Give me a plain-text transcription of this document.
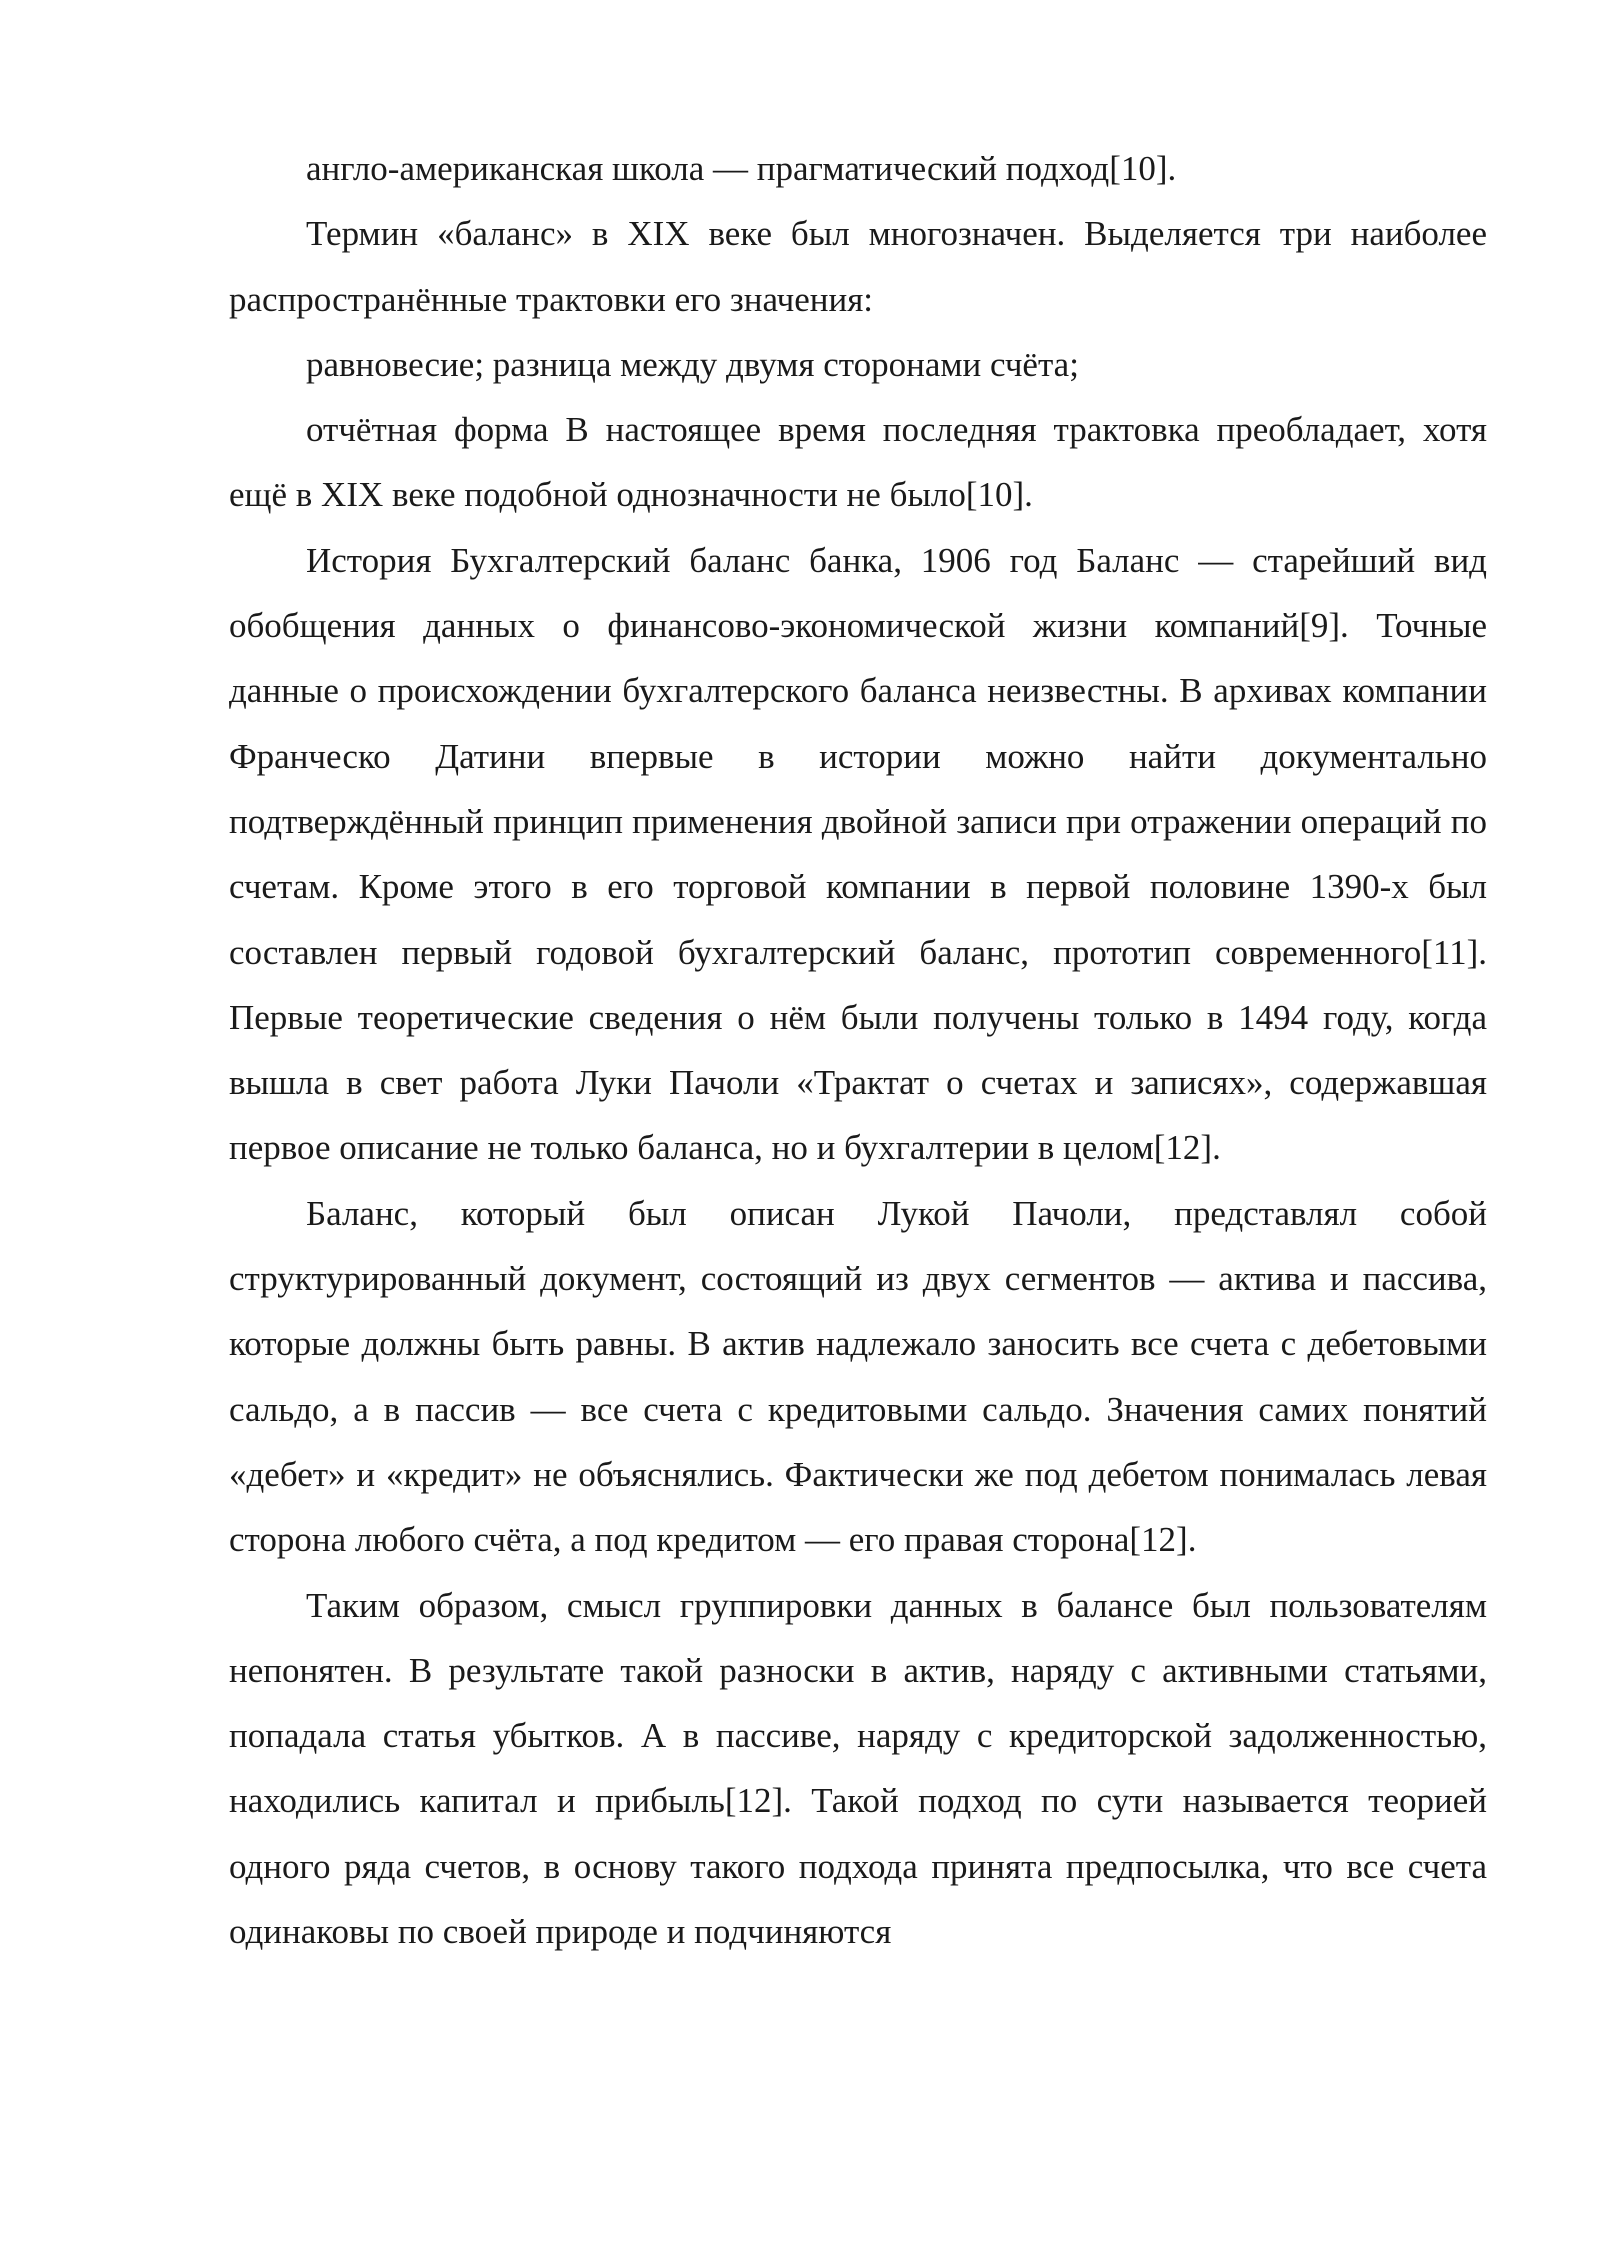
англо-американская школа — прагматический подход[10].

Термин «баланс» в XIX веке был многозначен. Выделяется три наиболее распространённые трактовки его значения:

равновесие; разница между двумя сторонами счёта;

отчётная форма В настоящее время последняя трактовка преобладает, хотя ещё в XIX веке подобной однозначности не было[10].

История Бухгалтерский баланс банка, 1906 год Баланс — старейший вид обобщения данных о финансово-экономической жизни компаний[9]. Точные данные о происхождении бухгалтерского баланса неизвестны. В архивах компании Франческо Датини впервые в истории можно найти документально подтверждённый принцип применения двойной записи при отражении операций по счетам. Кроме этого в его торговой компании в первой половине 1390-х был составлен первый годовой бухгалтерский баланс, прототип современного[11]. Первые теоретические сведения о нём были получены только в 1494 году, когда вышла в свет работа Луки Пачоли «Трактат о счетах и записях», содержавшая первое описание не только баланса, но и бухгалтерии в целом[12].

Баланс, который был описан Лукой Пачоли, представлял собой структурированный документ, состоящий из двух сегментов — актива и пассива, которые должны быть равны. В актив надлежало заносить все счета с дебетовыми сальдо, а в пассив — все счета с кредитовыми сальдо. Значения самих понятий «дебет» и «кредит» не объяснялись. Фактически же под дебетом понималась левая сторона любого счёта, а под кредитом — его правая сторона[12].

Таким образом, смысл группировки данных в балансе был пользователям непонятен. В результате такой разноски в актив, наряду с активными статьями, попадала статья убытков. А в пассиве, наряду с кредиторской задолженностью, находились капитал и прибыль[12]. Такой подход по сути называется теорией одного ряда счетов, в основу такого подхода принята предпосылка, что все счета одинаковы по своей природе и подчиняются
